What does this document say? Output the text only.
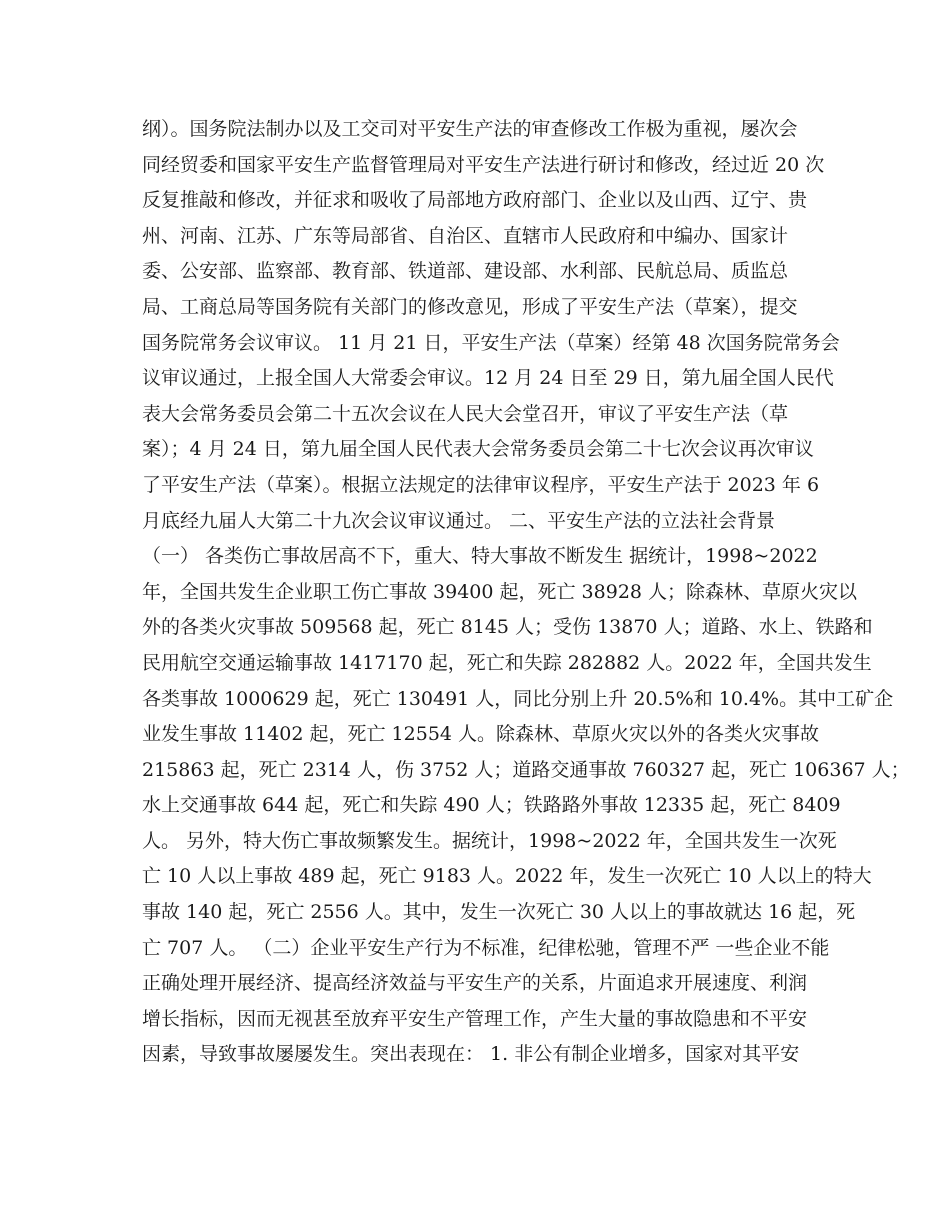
纲）。国务院法制办以及工交司对平安生产法的审查修改工作极为重视，屡次会
同经贸委和国家平安生产监督管理局对平安生产法进行研讨和修改，经过近 20 次
反复推敲和修改，并征求和吸收了局部地方政府部门、企业以及山西、辽宁、贵
州、河南、江苏、广东等局部省、自治区、直辖市人民政府和中编办、国家计
委、公安部、监察部、教育部、铁道部、建设部、水利部、民航总局、质监总
局、工商总局等国务院有关部门的修改意见，形成了平安生产法（草案），提交
国务院常务会议审议。 11 月 21 日，平安生产法（草案）经第 48 次国务院常务会
议审议通过，上报全国人大常委会审议。12 月 24 日至 29 日，第九届全国人民代
表大会常务委员会第二十五次会议在人民大会堂召开，审议了平安生产法（草
案）；4 月 24 日，第九届全国人民代表大会常务委员会第二十七次会议再次审议
了平安生产法（草案）。根据立法规定的法律审议程序，平安生产法于 2023 年 6
月底经九届人大第二十九次会议审议通过。 二、平安生产法的立法社会背景
（一） 各类伤亡事故居高不下，重大、特大事故不断发生 据统计，1998~2022
年，全国共发生企业职工伤亡事故 39400 起，死亡 38928 人；除森林、草原火灾以
外的各类火灾事故 509568 起，死亡 8145 人；受伤 13870 人；道路、水上、铁路和
民用航空交通运输事故 1417170 起，死亡和失踪 282882 人。2022 年，全国共发生
各类事故 1000629 起，死亡 130491 人，同比分别上升 20.5%和 10.4%。其中工矿企
业发生事故 11402 起，死亡 12554 人。除森林、草原火灾以外的各类火灾事故
215863 起，死亡 2314 人，伤 3752 人；道路交通事故 760327 起，死亡 106367 人；
水上交通事故 644 起，死亡和失踪 490 人；铁路路外事故 12335 起，死亡 8409
人。 另外，特大伤亡事故频繁发生。据统计，1998~2022 年，全国共发生一次死
亡 10 人以上事故 489 起，死亡 9183 人。2022 年，发生一次死亡 10 人以上的特大
事故 140 起，死亡 2556 人。其中，发生一次死亡 30 人以上的事故就达 16 起，死
亡 707 人。 （二）企业平安生产行为不标准，纪律松驰，管理不严 一些企业不能
正确处理开展经济、提高经济效益与平安生产的关系，片面追求开展速度、利润
增长指标，因而无视甚至放弃平安生产管理工作，产生大量的事故隐患和不平安
因素，导致事故屡屡发生。突出表现在： 1. 非公有制企业增多，国家对其平安
